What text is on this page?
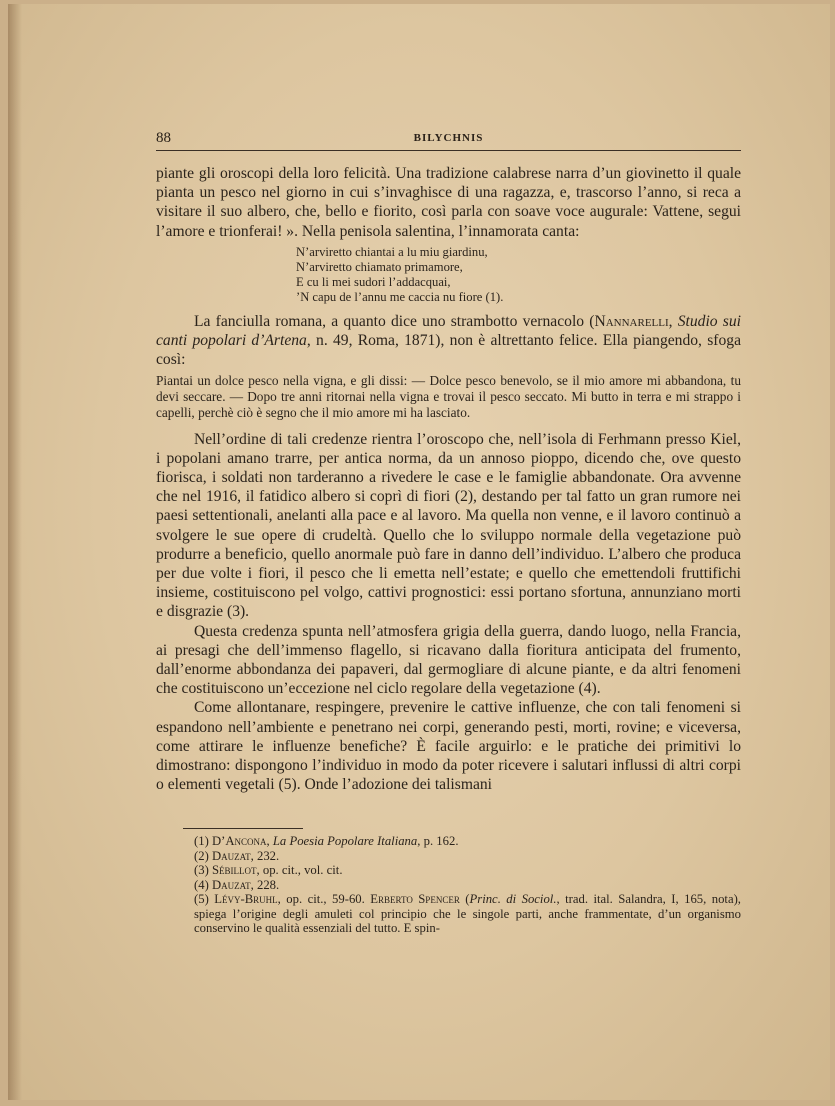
88	BILYCHNIS

piante gli oroscopi della loro felicità. Una tradizione calabrese narra d’un giovinetto il quale pianta un pesco nel giorno in cui s’invaghisce di una ragazza, e, trascorso l’anno, si reca a visitare il suo albero, che, bello e fiorito, così parla con soave voce augurale: Vattene, segui l’amore e trionferai! ». Nella penisola salentina, l’innamorata canta:

N’arviretto chiantai a lu miu giardinu,
N’arviretto chiamato primamore,
E cu li mei sudori l’addacquai,
’N capu de l’annu me caccia nu fiore (1).

La fanciulla romana, a quanto dice uno strambotto vernacolo (Nannarelli, Studio sui canti popolari d’Artena, n. 49, Roma, 1871), non è altrettanto felice. Ella piangendo, sfoga così:

Piantai un dolce pesco nella vigna, e gli dissi: — Dolce pesco benevolo, se il mio amore mi abbandona, tu devi seccare. — Dopo tre anni ritornai nella vigna e trovai il pesco seccato. Mi butto in terra e mi strappo i capelli, perchè ciò è segno che il mio amore mi ha lasciato.

Nell’ordine di tali credenze rientra l’oroscopo che, nell’isola di Ferhmann presso Kiel, i popolani amano trarre, per antica norma, da un annoso pioppo, dicendo che, ove questo fiorisca, i soldati non tarderanno a rivedere le case e le famiglie abbandonate. Ora avvenne che nel 1916, il fatidico albero si coprì di fiori (2), destando per tal fatto un gran rumore nei paesi settentionali, anelanti alla pace e al lavoro. Ma quella non venne, e il lavoro continuò a svolgere le sue opere di crudeltà. Quello che lo sviluppo normale della vegetazione può produrre a beneficio, quello anormale può fare in danno dell’individuo. L’albero che produca per due volte i fiori, il pesco che li emetta nell’estate; e quello che emettendoli fruttifichi insieme, costituiscono pel volgo, cattivi prognostici: essi portano sfortuna, annunziano morti e disgrazie (3).

Questa credenza spunta nell’atmosfera grigia della guerra, dando luogo, nella Francia, ai presagi che dell’immenso flagello, si ricavano dalla fioritura anticipata del frumento, dall’enorme abbondanza dei papaveri, dal germogliare di alcune piante, e da altri fenomeni che costituiscono un’eccezione nel ciclo regolare della vegetazione (4).

Come allontanare, respingere, prevenire le cattive influenze, che con tali fenomeni si espandono nell’ambiente e penetrano nei corpi, generando pesti, morti, rovine; e viceversa, come attirare le influenze benefiche? È facile arguirlo: e le pratiche dei primitivi lo dimostrano: dispongono l’individuo in modo da poter ricevere i salutari influssi di altri corpi o elementi vegetali (5). Onde l’adozione dei talismani

(1) D’Ancona, La Poesia Popolare Italiana, p. 162.
(2) Dauzat, 232.
(3) Sébillot, op. cit., vol. cit.
(4) Dauzat, 228.
(5) Lévy-Bruhl, op. cit., 59-60. Erberto Spencer (Princ. di Sociol., trad. ital. Salandra, I, 165, nota), spiega l’origine degli amuleti col principio che le singole parti, anche frammentate, d’un organismo conservino le qualità essenziali del tutto. E spin-
